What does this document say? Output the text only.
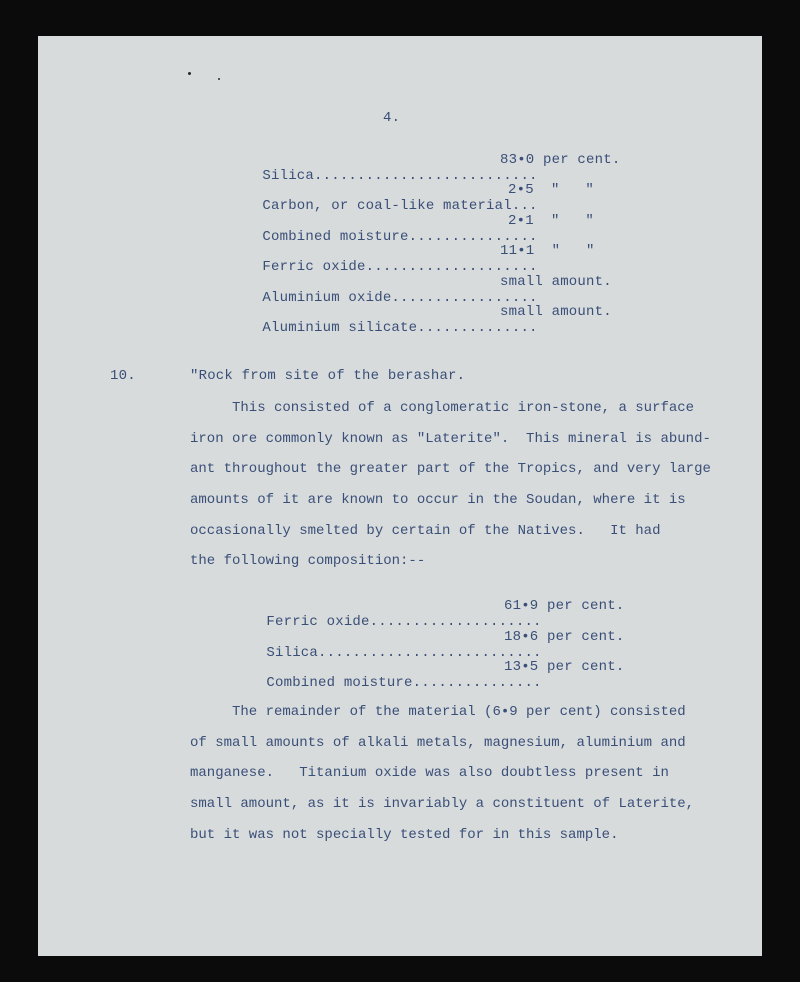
4.

Silica..........................

83•0 per cent.

Carbon, or coal-like material...

2•5  "   "

Combined moisture...............

2•1  "   "

Ferric oxide....................

11•1  "   "

Aluminium oxide.................

small amount.

Aluminium silicate..............

small amount.
10.	"Rock from site of the berashar.
This consisted of a conglomeratic iron-stone, a surface
iron ore commonly known as "Laterite".  This mineral is abund-
ant throughout the greater part of the Tropics, and very large
amounts of it are known to occur in the Soudan, where it is
occasionally smelted by certain of the Natives.   It had
the following composition:--

Ferric oxide....................

61•9 per cent.

Silica..........................

18•6 per cent.

Combined moisture...............

13•5 per cent.
The remainder of the material (6•9 per cent) consisted
of small amounts of alkali metals, magnesium, aluminium and
manganese.   Titanium oxide was also doubtless present in
small amount, as it is invariably a constituent of Laterite,
but it was not specially tested for in this sample.
